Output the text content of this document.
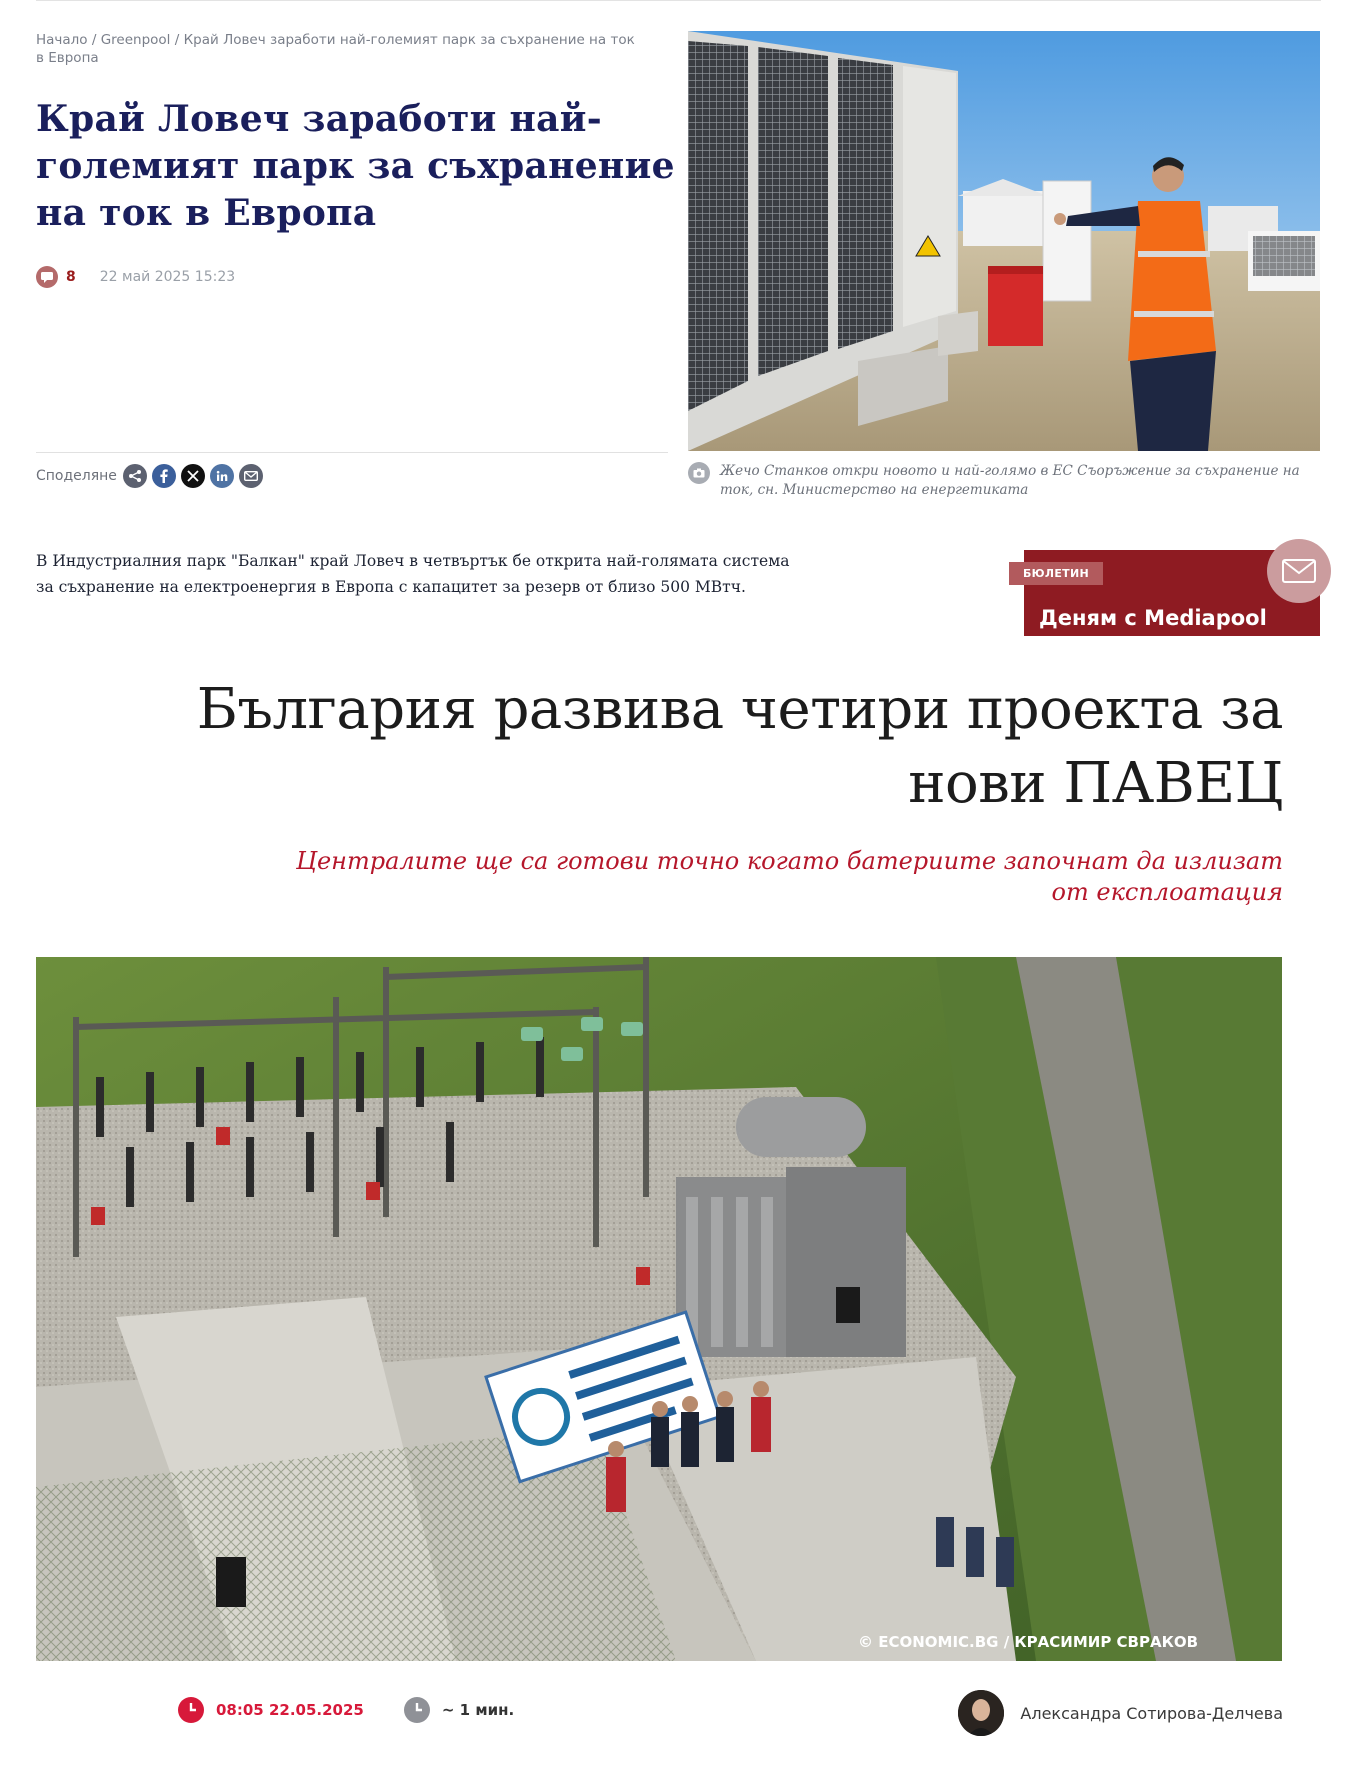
Начало / Greenpool / Край Ловеч заработи най-големият парк за съхранение на ток в Европа
Край Ловеч заработи най-големият парк за съхранение на ток в Европа
8 22 май 2025 15:23
Споделяне	Жечо Станков откри новото и най-голямо в ЕС Съоръжение за съхранение на ток, сн. Министерство на енергетиката
В Индустриалния парк "Балкан" край Ловеч в четвъртък бе открита най-голямата система за съхранение на електроенергия в Европа с капацитет за резерв от близо 500 МВтч.
БЮЛЕТИН
Деням с Mediapool
България развива четири проекта за нови ПАВЕЦ
Централите ще са готови точно когато батериите започнат да излизат от експлоатация
© ECONOMIC.BG / КРАСИМИР СВРАКОВ
08:05 22.05.2025	~ 1 мин.	Александра Сотирова-Делчева
